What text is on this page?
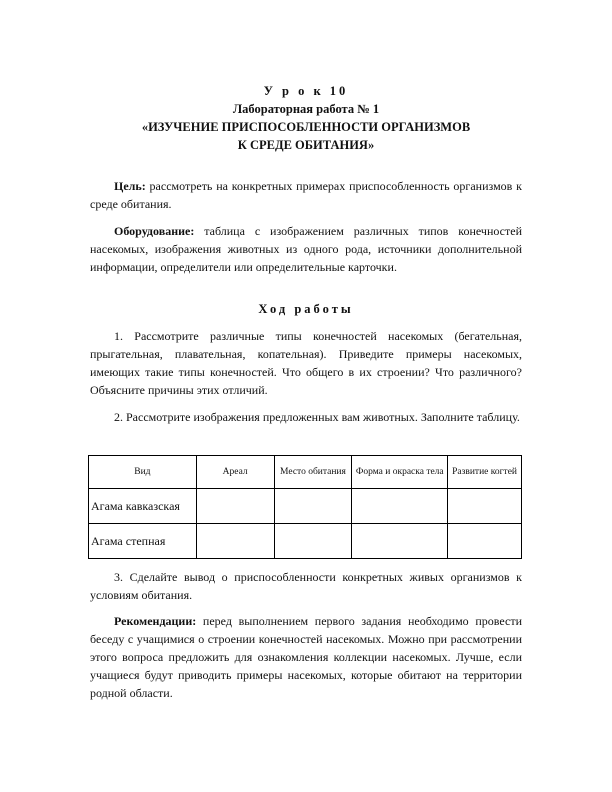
У р о к 10
Лабораторная работа № 1
«ИЗУЧЕНИЕ ПРИСПОСОБЛЕННОСТИ ОРГАНИЗМОВ
К СРЕДЕ ОБИТАНИЯ»
Цель: рассмотреть на конкретных примерах приспособленность организмов к среде обитания.
Оборудование: таблица с изображением различных типов конечностей насекомых, изображения животных из одного рода, источники дополнительной информации, определители или определительные карточки.
Ход работы
1. Рассмотрите различные типы конечностей насекомых (бегательная, прыгательная, плавательная, копательная). Приведите примеры насекомых, имеющих такие типы конечностей. Что общего в их строении? Что различного? Объясните причины этих отличий.
2. Рассмотрите изображения предложенных вам животных. Заполните таблицу.
Вид	Ареал	Место обитания	Форма и окраска тела	Развитие когтей
Агама кавказская				
Агама степная				
3. Сделайте вывод о приспособленности конкретных живых организмов к условиям обитания.
Рекомендации: перед выполнением первого задания необходимо провести беседу с учащимися о строении конечностей насекомых. Можно при рассмотрении этого вопроса предложить для ознакомления коллекции насекомых. Лучше, если учащиеся будут приводить примеры насекомых, которые обитают на территории родной области.
